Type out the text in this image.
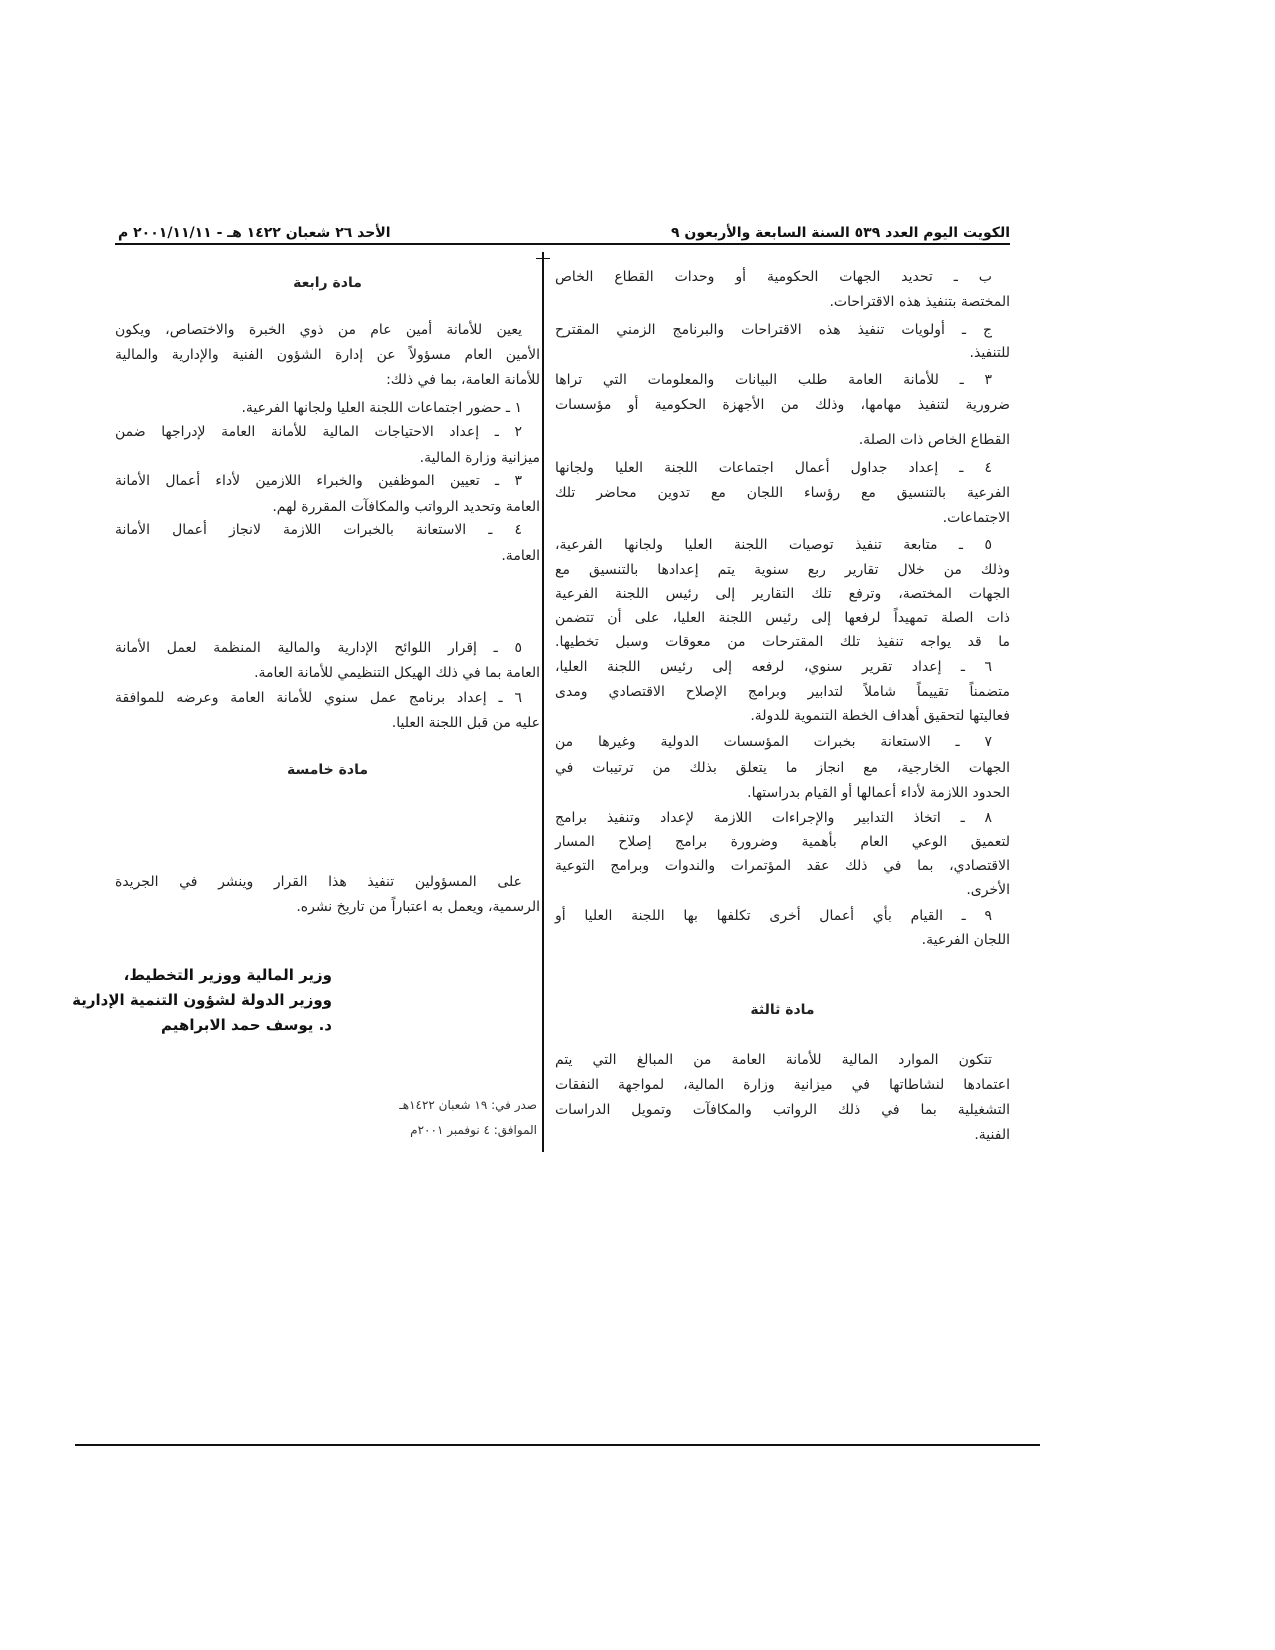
الكويت اليوم العدد ٥٣٩ السنة السابعة والأربعون ٩
الأحد ٢٦ شعبان ١٤٢٢ هـ - ٢٠٠١/١١/١١ م
ب ـ تحديد الجهات الحكومية أو وحدات القطاع الخاص
المختصة بتنفيذ هذه الاقتراحات.
ج ـ أولويات تنفيذ هذه الاقتراحات والبرنامج الزمني المقترح
للتنفيذ.
٣ ـ للأمانة العامة طلب البيانات والمعلومات التي تراها
ضرورية لتنفيذ مهامها، وذلك من الأجهزة الحكومية أو مؤسسات
القطاع الخاص ذات الصلة.
٤ ـ إعداد جداول أعمال اجتماعات اللجنة العليا ولجانها
الفرعية بالتنسيق مع رؤساء اللجان مع تدوين محاضر تلك
الاجتماعات.
٥ ـ متابعة تنفيذ توصيات اللجنة العليا ولجانها الفرعية،
وذلك من خلال تقارير ربع سنوية يتم إعدادها بالتنسيق مع
الجهات المختصة، وترفع تلك التقارير إلى رئيس اللجنة الفرعية
ذات الصلة تمهيداً لرفعها إلى رئيس اللجنة العليا، على أن تتضمن
ما قد يواجه تنفيذ تلك المقترحات من معوقات وسبل تخطيها.
٦ ـ إعداد تقرير سنوي، لرفعه إلى رئيس اللجنة العليا،
متضمناً تقييماً شاملاً لتدابير وبرامج الإصلاح الاقتصادي ومدى
فعاليتها لتحقيق أهداف الخطة التنموية للدولة.
٧ ـ الاستعانة بخبرات المؤسسات الدولية وغيرها من
الجهات الخارجية، مع انجاز ما يتعلق بذلك من ترتيبات في
الحدود اللازمة لأداء أعمالها أو القيام بدراستها.
٨ ـ اتخاذ التدابير والإجراءات اللازمة لإعداد وتنفيذ برامج
لتعميق الوعي العام بأهمية وضرورة برامج إصلاح المسار
الاقتصادي، بما في ذلك عقد المؤتمرات والندوات وبرامج التوعية
الأخرى.
٩ ـ القيام بأي أعمال أخرى تكلفها بها اللجنة العليا أو
اللجان الفرعية.
مادة ثالثة
تتكون الموارد المالية للأمانة العامة من المبالغ التي يتم
اعتمادها لنشاطاتها في ميزانية وزارة المالية، لمواجهة النفقات
التشغيلية بما في ذلك الرواتب والمكافآت وتمويل الدراسات
الفنية.
مادة رابعة
يعين للأمانة أمين عام من ذوي الخبرة والاختصاص، ويكون
الأمين العام مسؤولاً عن إدارة الشؤون الفنية والإدارية والمالية
للأمانة العامة، بما في ذلك:
١ ـ حضور اجتماعات اللجنة العليا ولجانها الفرعية.
٢ ـ إعداد الاحتياجات المالية للأمانة العامة لإدراجها ضمن
ميزانية وزارة المالية.
٣ ـ تعيين الموظفين والخبراء اللازمين لأداء أعمال الأمانة
العامة وتحديد الرواتب والمكافآت المقررة لهم.
٤ ـ الاستعانة بالخبرات اللازمة لانجاز أعمال الأمانة
العامة.
٥ ـ إقرار اللوائح الإدارية والمالية المنظمة لعمل الأمانة
العامة بما في ذلك الهيكل التنظيمي للأمانة العامة.
٦ ـ إعداد برنامج عمل سنوي للأمانة العامة وعرضه للموافقة
عليه من قبل اللجنة العليا.
مادة خامسة
على المسؤولين تنفيذ هذا القرار وينشر في الجريدة
الرسمية، ويعمل به اعتباراً من تاريخ نشره.
وزير المالية ووزير التخطيط،
ووزير الدولة لشؤون التنمية الإدارية
د. يوسف حمد الابراهيم
صدر في: ١٩ شعبان ١٤٢٢هـ
الموافق: ٤ نوفمبر ٢٠٠١م
